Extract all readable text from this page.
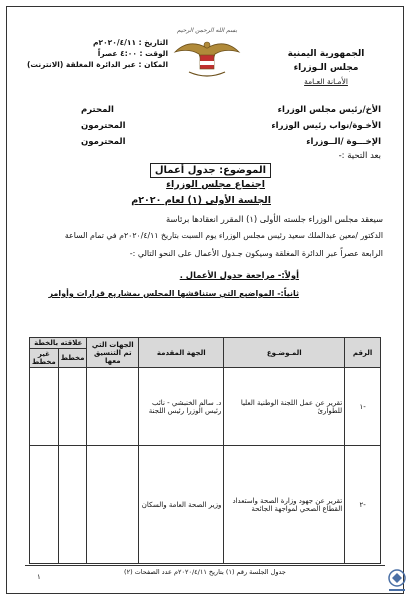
الجمهورية اليمنية
مجلس الـوزراء
الأمـانة العـامة
بسم الله الرحمن الرحيم
التاريخ : ٢٠٢٠/٤/١١م
الوقت : ٤:٠٠ عصراً
المكان : عبر الدائرة المغلقة (الانترنت)
الأخ/رئيس مجلس الوزراء
المحترم
الأخـوة/نواب رئيس الوزراء
المحترمون
الإخـــوة /الــوزراء
المحترمون
بعد التحية :-
الموضوع: جدول أعمال
اجتماع مجلس الوزراء
الجلسة الأولى (١) لعام ٢٠٢٠م
سيعقد مجلس الوزراء جلسته الأولى (١) المقرر انعقادها برئاسة
الدكتور /معين عبدالملك سعيد رئيس مجلس الوزراء يوم السبت بتاريخ ٢٠٢٠/٤/١١م في تمام الساعة
الرابعة عصراً عبر الدائرة المغلقة وسيكون جـدول الأعمال على النحو التالي :-
أولاً:- مراجعة جدول الأعمال .
ثانياً:- المواضيع التي ستناقشها المجلس بمشاريع قرارات وأوامر
الرقم	المـوضـوع	الجهة المقدمة	الجهات التي تم التنسيق معها	علاقته بالخطة	
				مخطط	غير مخطط
-١	تقرير عن عمل اللجنة الوطنية العليا للطوارئ	د. سالم الخنبشي - نائب رئيس الوزرا رئيس اللجنة			
-٢	تقرير عن جهود وزارة الصحة واستعداد القطاع الصحي لمواجهة الجائحة	وزير الصحة العامة والسكان			
جدول الجلسة رقم (١) بتاريخ ٢٠٢٠/٤/١١م عدد الصفحات (٢)
١
